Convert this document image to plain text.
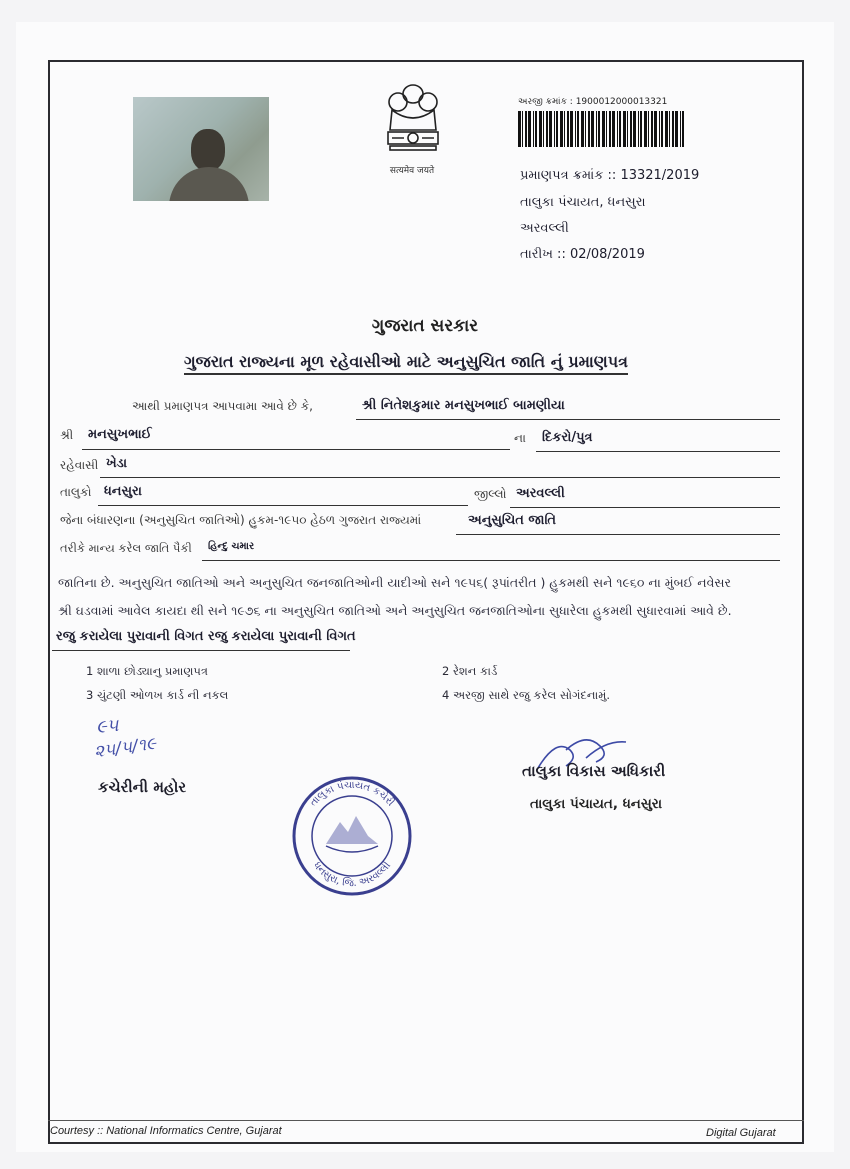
सत्यमेव जयते
અરજી ક્રમાંક : 1900012000013321
પ્રમાણપત્ર ક્રમાંક :: 13321/2019
તાલુકા પંચાયત, ધનસુરા
અરવલ્લી
તારીખ :: 02/08/2019
ગુજરાત સરકાર
ગુજરાત રાજ્યના મૂળ રહેવાસીઓ માટે અનુસુચિત જાતિ નું પ્રમાણપત્ર
આથી પ્રમાણપત્ર આપવામા આવે છે કે,	શ્રી નિતેશકુમાર મનસુખભાઈ બામણીયા
શ્રી મનસુખભાઈ	ના દિકરો/પુત્ર
રહેવાસી ખેડા
તાલુકો ધનસુરા	જીલ્લો અરવલ્લી
જેના બંધારણના (અનુસુચિત જાતિઓ) હુકમ-૧૯૫૦ હેઠળ ગુજરાત રાજ્યમાં	અનુસુચિત જાતિ
તરીકે માન્ય કરેલ જાતિ પૈકી હિન્દુ ચમાર
જાતિના છે. અનુસુચિત જાતિઓ અને અનુસુચિત જનજાતિઓની યાદીઓ સને ૧૯૫૬( રૂપાંતરીત ) હુકમથી સને ૧૯૬૦ ના મુંબઈ નવેસર
શ્રી ઘડવામાં આવેલ કાયદા થી સને ૧૯૭૬ ના અનુસુચિત જાતિઓ અને અનુસુચિત જનજાતિઓના સુધારેલા હુકમથી સુધારવામાં આવે છે.
રજુ કરાયેલા પુરાવાની વિગત રજુ કરાયેલા પુરાવાની વિગત
1 શાળા છોડ્યાનુ પ્રમાણપત્ર	2 રેશન કાર્ડ
3 ચુંટણી ઓળખ કાર્ડ ની નકલ	4 અરજી સાથે રજુ કરેલ સોગંદનામું.
૯૫
૨૫/૫/૧૯
કચેરીની મહોર
તાલુકા વિકાસ અધિકારી
તાલુકા પંચાયત, ધનસુરા
તાલુકા પંચાયત કચેરી
ધનસુરા, જિ. અરવલ્લી
Courtesy :: National Informatics Centre, Gujarat	Digital Gujarat
